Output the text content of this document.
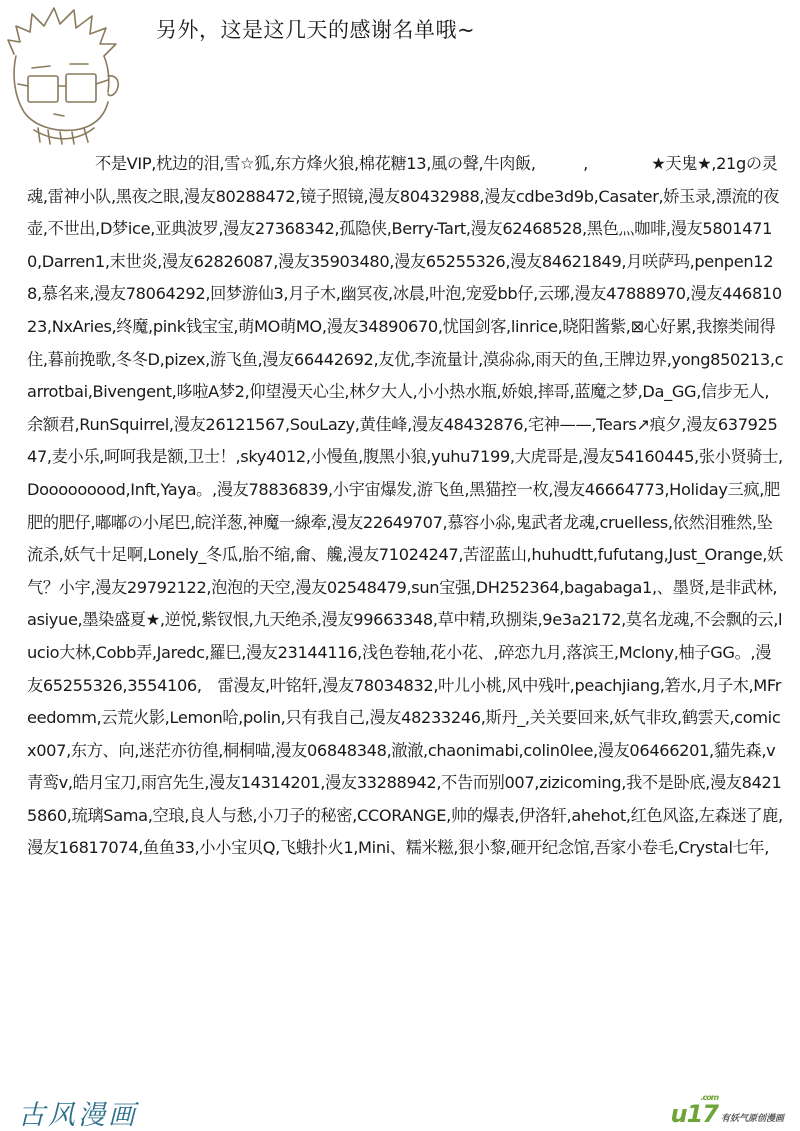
另外，这是这几天的感谢名单哦~
不是VIP,枕边的泪,雪☆狐,东方烽火狼,棉花糖13,風の聲,牛肉飯,　　　,　　　　★天鬼★,21gの灵魂,雷神小队,黑夜之眼,漫友80288472,镜子照镜,漫友80432988,漫友cdbe3d9b,Casater,娇玉录,漂流的夜壶,不世出,D梦ice,亚典波罗,漫友27368342,孤隐侠,Berry-Tart,漫友62468528,黑色灬咖啡,漫友58014710,Darren1,末世炎,漫友62826087,漫友35903480,漫友65255326,漫友84621849,月咲萨玛,penpen128,慕名来,漫友78064292,回梦游仙3,月子木,幽冥夜,冰晨,叶泡,宠爱bb仔,云琊,漫友47888970,漫友44681023,NxAries,终魔,pink钱宝宝,萌MO萌MO,漫友34890670,忧国剑客,linrice,晓阳酱紫,⊠心好累,我擦类闹得住,暮前挽歌,冬冬D,pizex,游飞鱼,漫友66442692,友优,李流量计,漠尛尛,雨天的鱼,王牌边界,yong850213,carrotbai,Bivengent,哆啦A梦2,仰望漫天心尘,林夕大人,小小热水瓶,娇娘,摔哥,蓝魔之梦,Da_GG,信步无人,余额君,RunSquirrel,漫友26121567,SouLazy,黄佳峰,漫友48432876,宅神——,Tears↗痕夕,漫友63792547,麦小乐,呵呵我是额,卫士！,sky4012,小慢鱼,腹黑小狼,yuhu7199,大虎哥是,漫友54160445,张小贤骑士,Dooooooood,Inft,Yaya。,漫友78836839,小宇宙爆发,游飞鱼,黑猫控一枚,漫友46664773,Holiday三疯,肥肥的肥仔,嘟嘟の小尾巴,皖洋葱,神魔一線牽,漫友22649707,慕容小尛,鬼武者龙魂,cruelless,依然泪雅然,坠流杀,妖气十足啊,Lonely_冬瓜,胎不缩,龠、艬,漫友71024247,苦涩蓝山,huhudtt,fufutang,Just_Orange,妖气？小宇,漫友29792122,泡泡的天空,漫友02548479,sun宝强,DH252364,bagabaga1,、墨贤,是非武林,asiyue,墨染盛夏★,逆悦,紫钗恨,九天绝杀,漫友99663348,草中精,玖捌柒,9e3a2172,莫名龙魂,不会飘的云,lucio大林,Cobb弄,Jaredc,羅巳,漫友23144116,浅色卷轴,花小花、,碎恋九月,落滨王,Mclony,柚子GG。,漫友65255326,3554106,　雷漫友,叶铭轩,漫友78034832,叶儿小桃,风中残叶,peachjiang,箬水,月子木,MFreedomm,云荒火影,Lemon哈,polin,只有我自己,漫友48233246,斯丹_,关关要回来,妖气非玫,鹤雲天,comicx007,东方、向,迷茫亦彷徨,桐桐喵,漫友06848348,澈澈,chaonimabi,colin0lee,漫友06466201,貓先森,v青鸾v,皓月宝刀,雨宫先生,漫友14314201,漫友33288942,不告而别007,zizicoming,我不是卧底,漫友84215860,琉璃Sama,空琅,良人与愁,小刀子的秘密,CCORANGE,帅的爆表,伊洛轩,ahehot,红色风盗,左森迷了鹿,漫友16817074,鱼鱼33,小小宝贝Q,飞蛾扑火1,Mini、糯米糍,狠小黎,砸开纪念馆,吾家小卷毛,Crystal七年,
古风漫画	u17
.com
有妖气原创漫画
